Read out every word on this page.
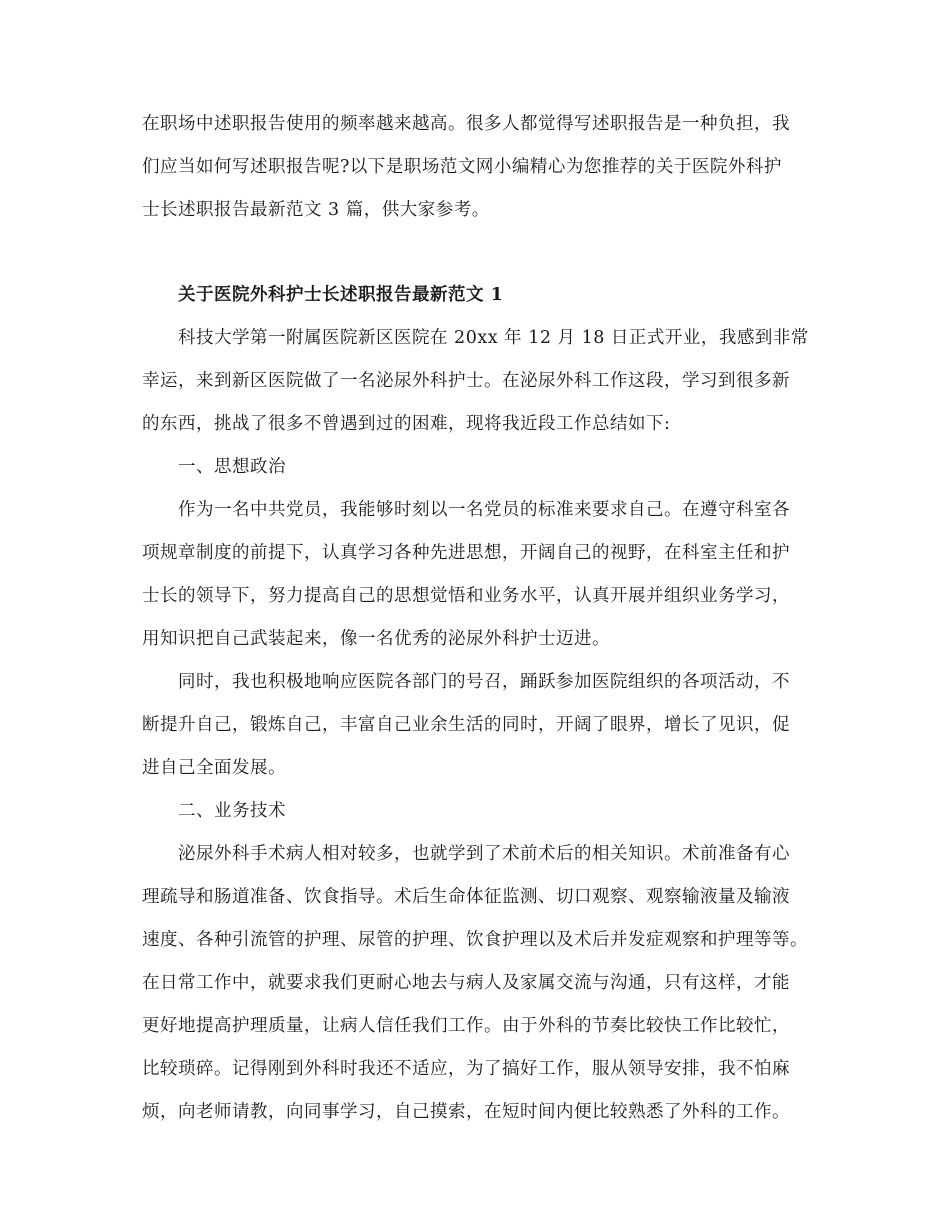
在职场中述职报告使用的频率越来越高。很多人都觉得写述职报告是一种负担，我
们应当如何写述职报告呢?以下是职场范文网小编精心为您推荐的关于医院外科护
士长述职报告最新范文 3 篇，供大家参考。
关于医院外科护士长述职报告最新范文 1
科技大学第一附属医院新区医院在 20xx 年 12 月 18 日正式开业，我感到非常
幸运，来到新区医院做了一名泌尿外科护士。在泌尿外科工作这段，学习到很多新
的东西，挑战了很多不曾遇到过的困难，现将我近段工作总结如下:
一、思想政治
作为一名中共党员，我能够时刻以一名党员的标准来要求自己。在遵守科室各
项规章制度的前提下，认真学习各种先进思想，开阔自己的视野，在科室主任和护
士长的领导下，努力提高自己的思想觉悟和业务水平，认真开展并组织业务学习，
用知识把自己武装起来，像一名优秀的泌尿外科护士迈进。
同时，我也积极地响应医院各部门的号召，踊跃参加医院组织的各项活动，不
断提升自己，锻炼自己，丰富自己业余生活的同时，开阔了眼界，增长了见识，促
进自己全面发展。
二、业务技术
泌尿外科手术病人相对较多，也就学到了术前术后的相关知识。术前准备有心
理疏导和肠道准备、饮食指导。术后生命体征监测、切口观察、观察输液量及输液
速度、各种引流管的护理、尿管的护理、饮食护理以及术后并发症观察和护理等等。
在日常工作中，就要求我们更耐心地去与病人及家属交流与沟通，只有这样，才能
更好地提高护理质量，让病人信任我们工作。由于外科的节奏比较快工作比较忙，
比较琐碎。记得刚到外科时我还不适应，为了搞好工作，服从领导安排，我不怕麻
烦，向老师请教，向同事学习，自己摸索，在短时间内便比较熟悉了外科的工作。
